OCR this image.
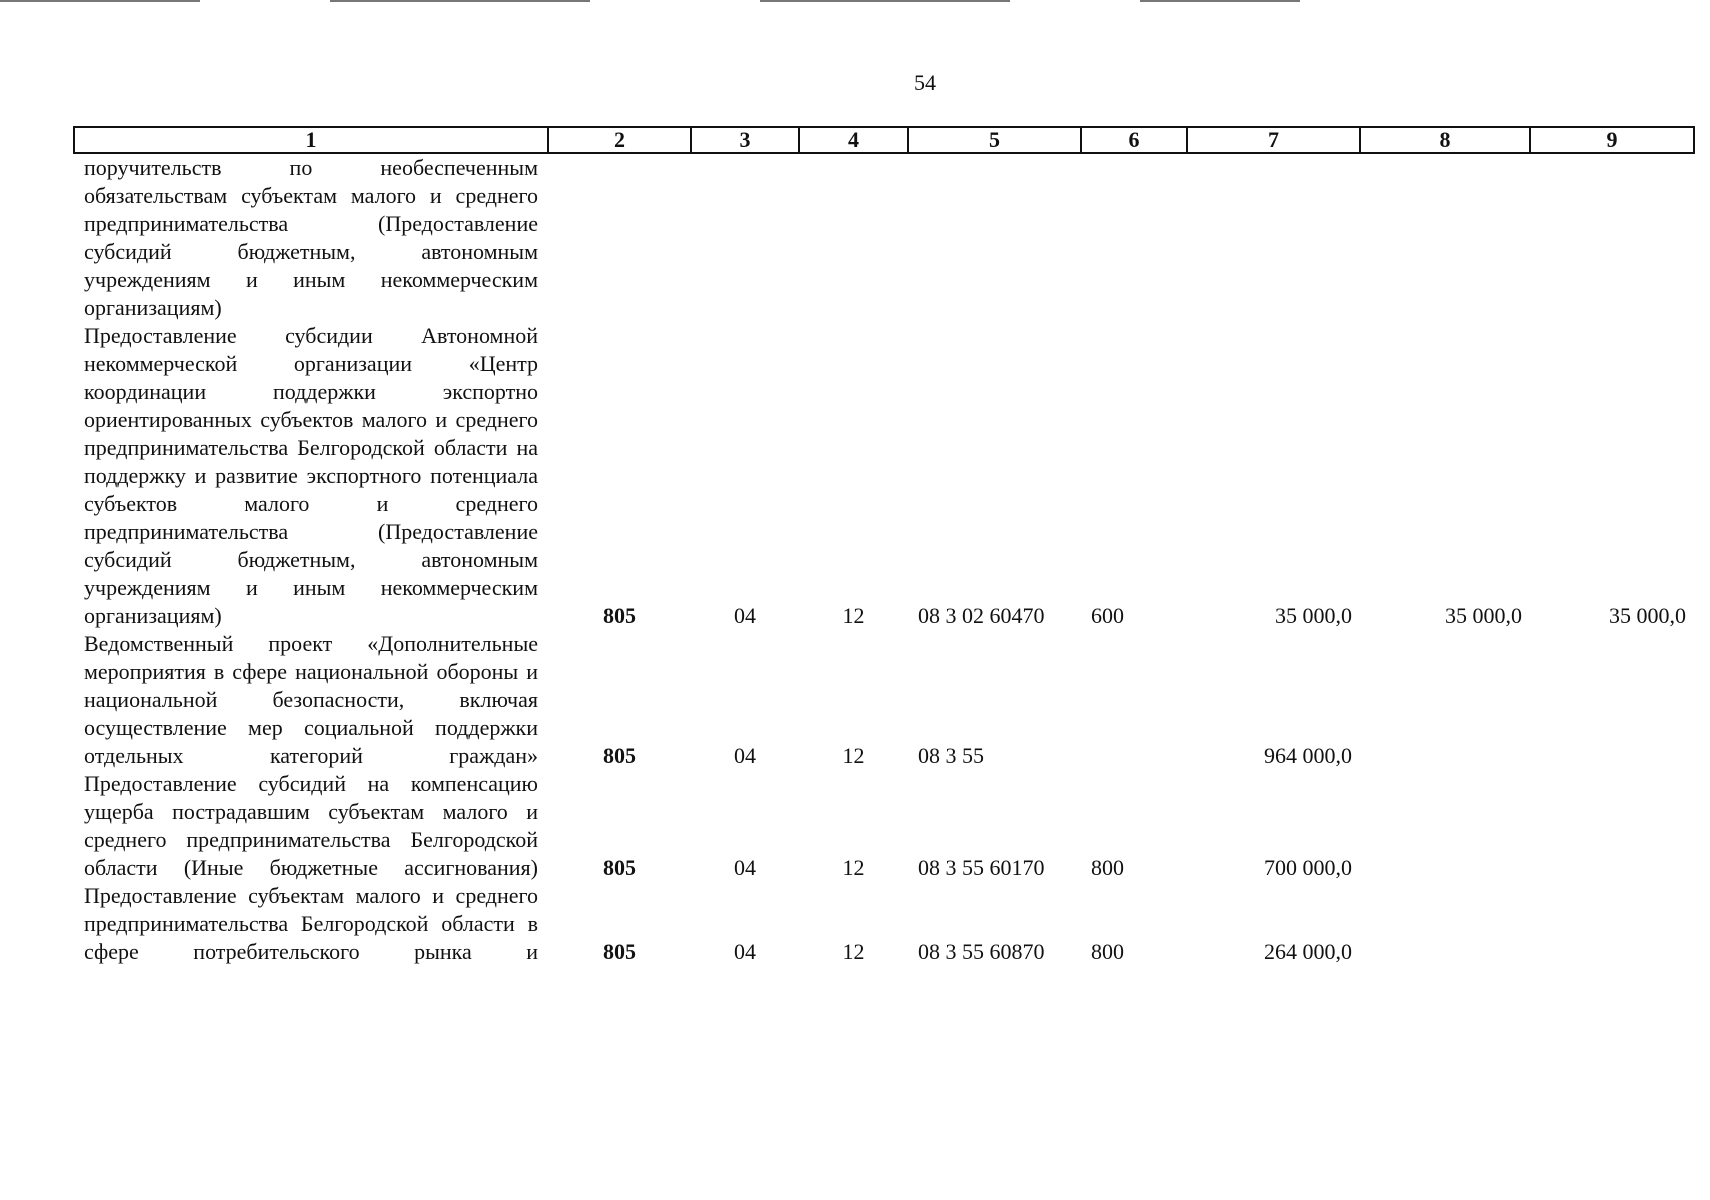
54
1	2	3	4	5	6	7	8	9
поручительств по необеспеченным обязательствам субъектам малого и среднего предпринимательства (Предоставление субсидий бюджетным, автономным учреждениям и иным некоммерческим организациям)								
Предоставление субсидии Автономной некоммерческой организации «Центр координации поддержки экспортно ориентированных субъектов малого и среднего предпринимательства Белгородской области на поддержку и развитие экспортного потенциала субъектов малого и среднего предпринимательства (Предоставление субсидий бюджетным, автономным учреждениям и иным некоммерческим организациям)	805	04	12	08 3 02 60470	600	35 000,0	35 000,0	35 000,0
Ведомственный проект «Дополнительные мероприятия в сфере национальной обороны и национальной безопасности, включая осуществление мер социальной поддержки отдельных категорий граждан»	805	04	12	08 3 55		964 000,0		
Предоставление субсидий на компенсацию ущерба пострадавшим субъектам малого и среднего предпринимательства Белгородской области (Иные бюджетные ассигнования)	805	04	12	08 3 55 60170	800	700 000,0		
Предоставление субъектам малого и среднего предпринимательства Белгородской области в сфере потребительского рынка и	805	04	12	08 3 55 60870	800	264 000,0		
